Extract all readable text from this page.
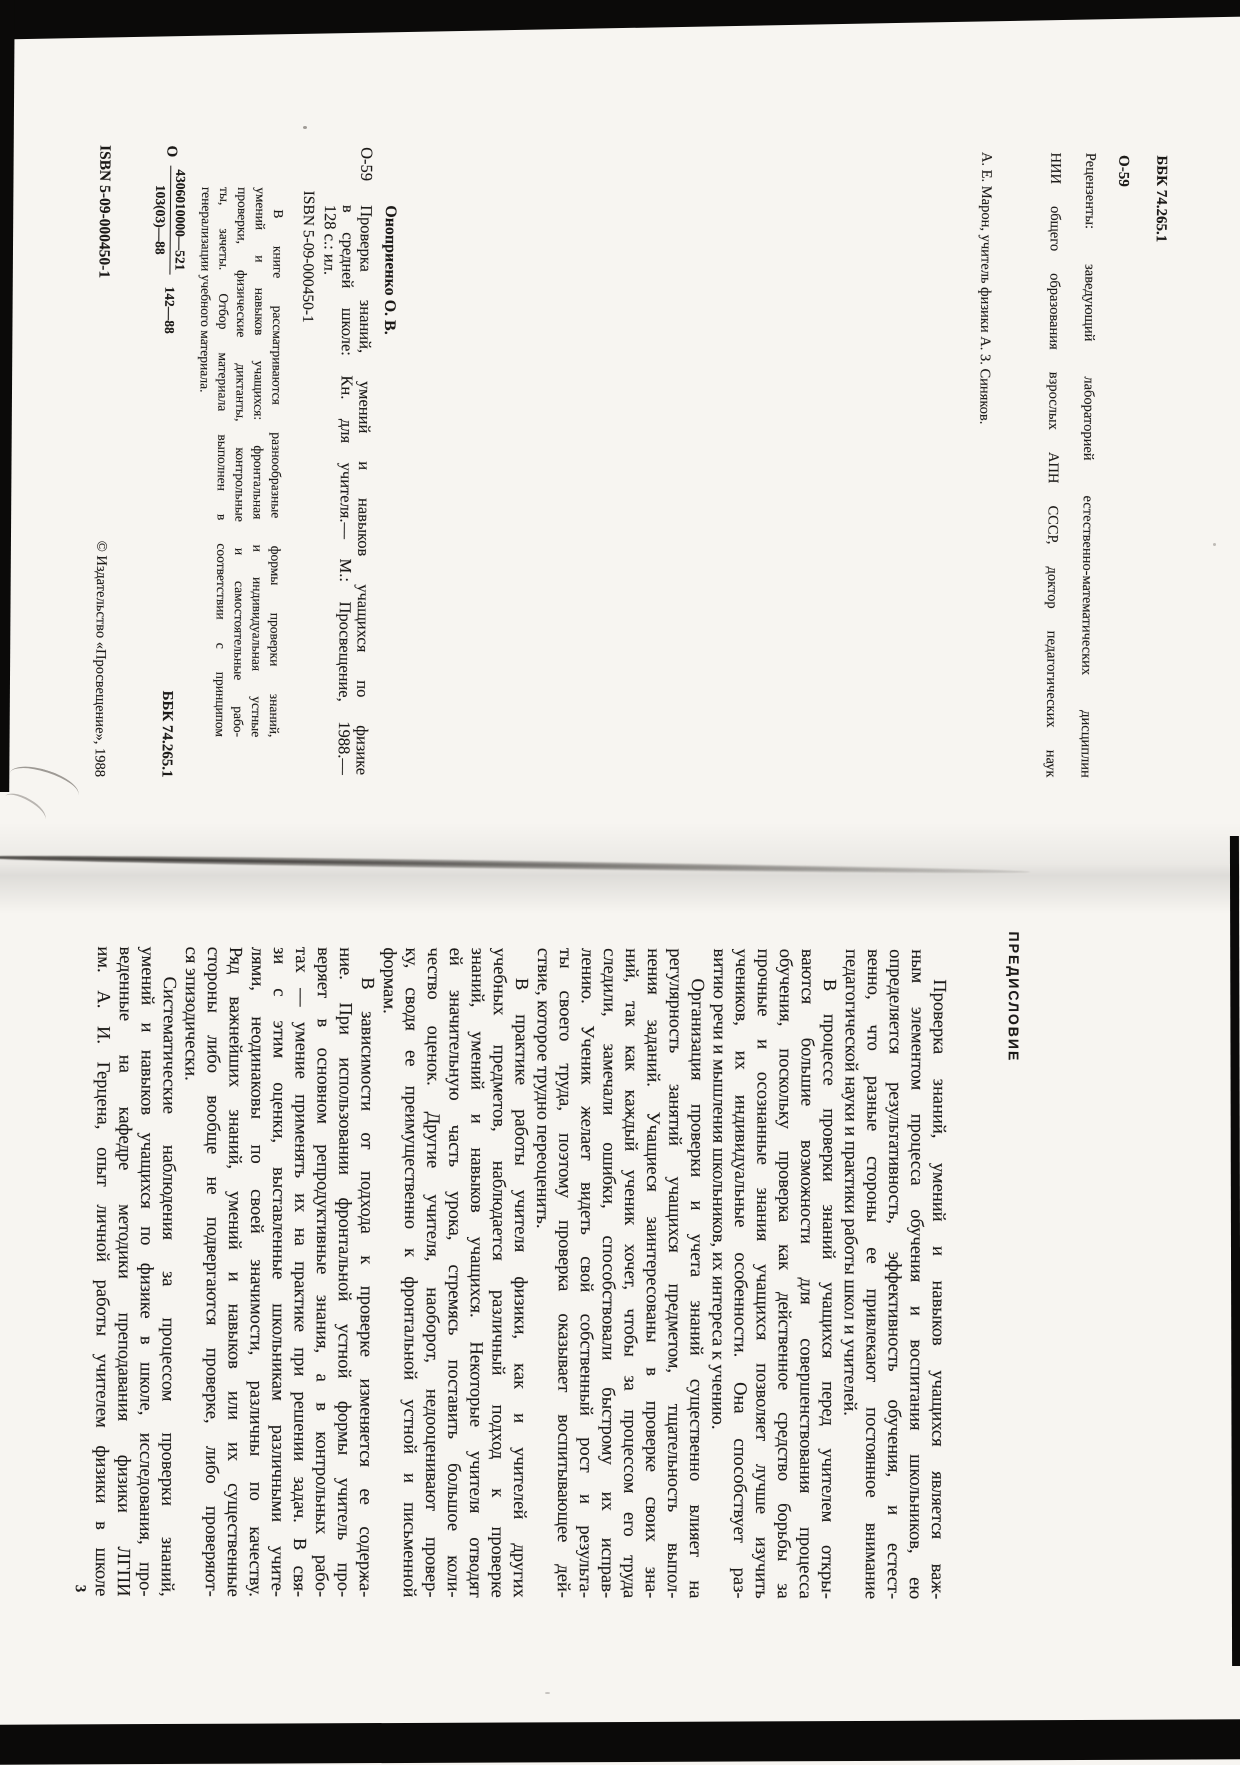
ББК 74.265.1
О-59
Рецензенты: заведующий лабораторией естественно-математических дисциплин
НИИ общего образования взрослых АПН СССР, доктор педагогических наук
А. Е. Марон, учитель физики А. З. Синяков.
Оноприенко О. В.
О-59
Проверка знаний, умений и навыков учащихся по физике
в средней школе: Кн. для учителя.— М.: Просвещение, 1988.—
128 с.: ил.
ISBN 5-09-000450-1
В книге рассматриваются разнообразные формы проверки знаний,
умений и навыков учащихся: фронтальная и индивидуальная устные
проверки, физические диктанты, контрольные и самостоятельные рабо-
ты, зачеты. Отбор материала выполнен в соответствии с принципом
генерализации учебного материала.
О
4306010000—521
103(03)—88
142—88
ББК 74.265.1
ISBN 5-09-000450-1
© Издательство «Просвещение», 1988
ПРЕДИСЛОВИЕ
Проверка знаний, умений и навыков учащихся является важ-
ным элементом процесса обучения и воспитания школьников, ею
определяется результативность, эффективность обучения, и естест-
венно, что разные стороны ее привлекают постоянное внимание
педагогической науки и практики работы школ и учителей.
В процессе проверки знаний учащихся перед учителем откры-
ваются большие возможности для совершенствования процесса
обучения, поскольку проверка как действенное средство борьбы за
прочные и осознанные знания учащихся позволяет лучше изучить
учеников, их индивидуальные особенности. Она способствует раз-
витию речи и мышления школьников, их интереса к учению.
Организация проверки и учета знаний существенно влияет на
регулярность занятий учащихся предметом, тщательность выпол-
нения заданий. Учащиеся заинтересованы в проверке своих зна-
ний, так как каждый ученик хочет, чтобы за процессом его труда
следили, замечали ошибки, способствовали быстрому их исправ-
лению. Ученик желает видеть свой собственный рост и результа-
ты своего труда, поэтому проверка оказывает воспитывающее дей-
ствие, которое трудно переоценить.
В практике работы учителя физики, как и учителей других
учебных предметов, наблюдается различный подход к проверке
знаний, умений и навыков учащихся. Некоторые учителя отводят
ей значительную часть урока, стремясь поставить большое коли-
чество оценок. Другие учителя, наоборот, недооценивают провер-
ку, сводя ее преимущественно к фронтальной устной и письменной
формам.
В зависимости от подхода к проверке изменяется ее содержа-
ние. При использовании фронтальной устной формы учитель про-
веряет в основном репродуктивные знания, а в контрольных рабо-
тах — умение применять их на практике при решении задач. В свя-
зи с этим оценки, выставленные школьникам различными учите-
лями, неодинаковы по своей значимости, различны по качеству.
Ряд важнейших знаний, умений и навыков или их существенные
стороны либо вообще не подвергаются проверке, либо проверяют-
ся эпизодически.
Систематические наблюдения за процессом проверки знаний,
умений и навыков учащихся по физике в школе, исследования, про-
веденные на кафедре методики преподавания физики ЛГПИ
им. А. И. Герцена, опыт личной работы учителем физики в школе
3
